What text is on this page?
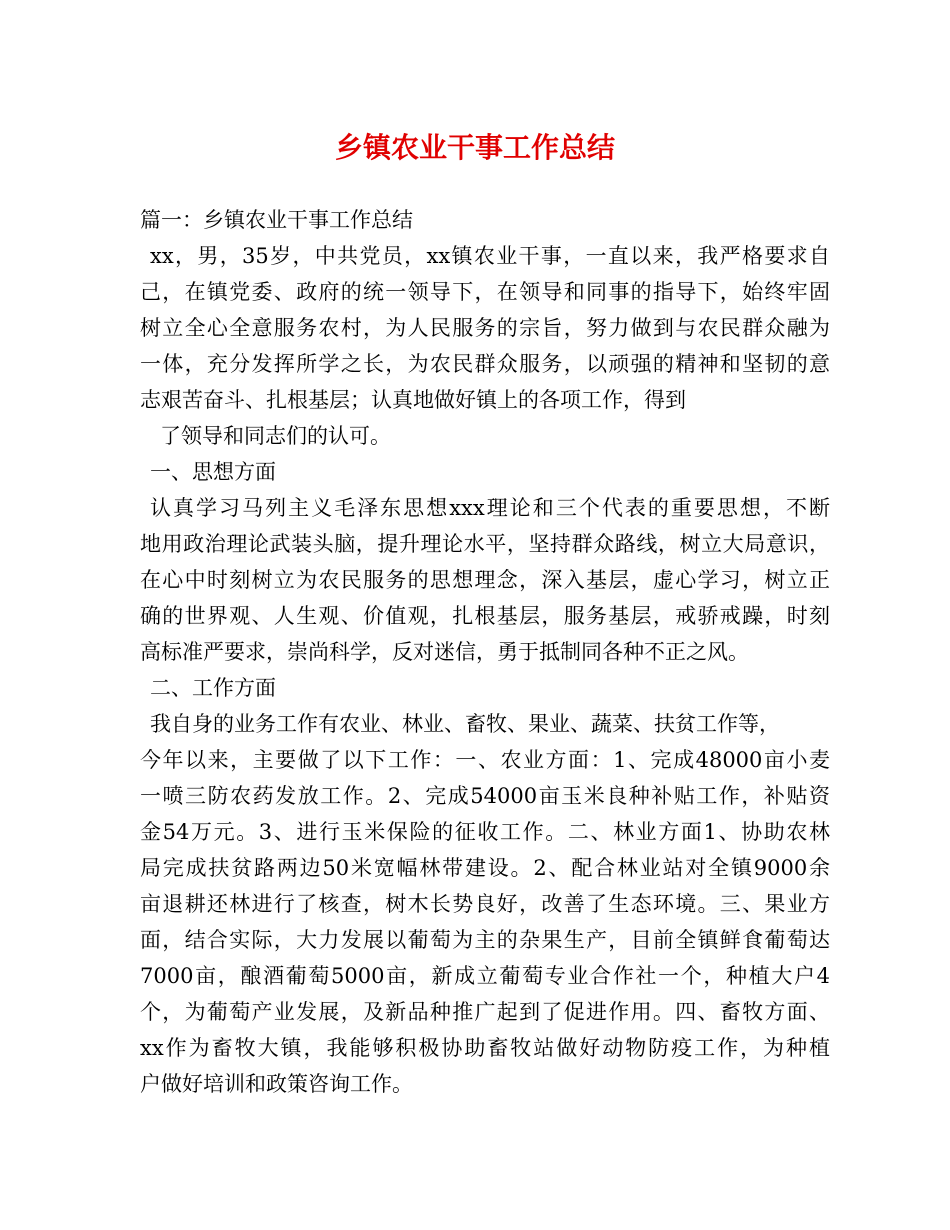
乡镇农业干事工作总结
篇一：乡镇农业干事工作总结
xx，男，35岁，中共党员，xx镇农业干事，一直以来，我严格要求自
己，在镇党委、政府的统一领导下，在领导和同事的指导下，始终牢固
树立全心全意服务农村，为人民服务的宗旨，努力做到与农民群众融为
一体，充分发挥所学之长，为农民群众服务，以顽强的精神和坚韧的意
志艰苦奋斗、扎根基层；认真地做好镇上的各项工作，得到
了领导和同志们的认可。
一、思想方面
认真学习马列主义毛泽东思想xxx理论和三个代表的重要思想，不断
地用政治理论武装头脑，提升理论水平，坚持群众路线，树立大局意识，
在心中时刻树立为农民服务的思想理念，深入基层，虚心学习，树立正
确的世界观、人生观、价值观，扎根基层，服务基层，戒骄戒躁，时刻
高标准严要求，崇尚科学，反对迷信，勇于抵制同各种不正之风。
二、工作方面
我自身的业务工作有农业、林业、畜牧、果业、蔬菜、扶贫工作等，
今年以来，主要做了以下工作：一、农业方面：1、完成48000亩小麦
一喷三防农药发放工作。2、完成54000亩玉米良种补贴工作，补贴资
金54万元。3、进行玉米保险的征收工作。二、林业方面1、协助农林
局完成扶贫路两边50米宽幅林带建设。2、配合林业站对全镇9000余
亩退耕还林进行了核查，树木长势良好，改善了生态环境。三、果业方
面，结合实际，大力发展以葡萄为主的杂果生产，目前全镇鲜食葡萄达
7000亩，酿酒葡萄5000亩，新成立葡萄专业合作社一个，种植大户4
个，为葡萄产业发展，及新品种推广起到了促进作用。四、畜牧方面、
xx作为畜牧大镇，我能够积极协助畜牧站做好动物防疫工作，为种植
户做好培训和政策咨询工作。
